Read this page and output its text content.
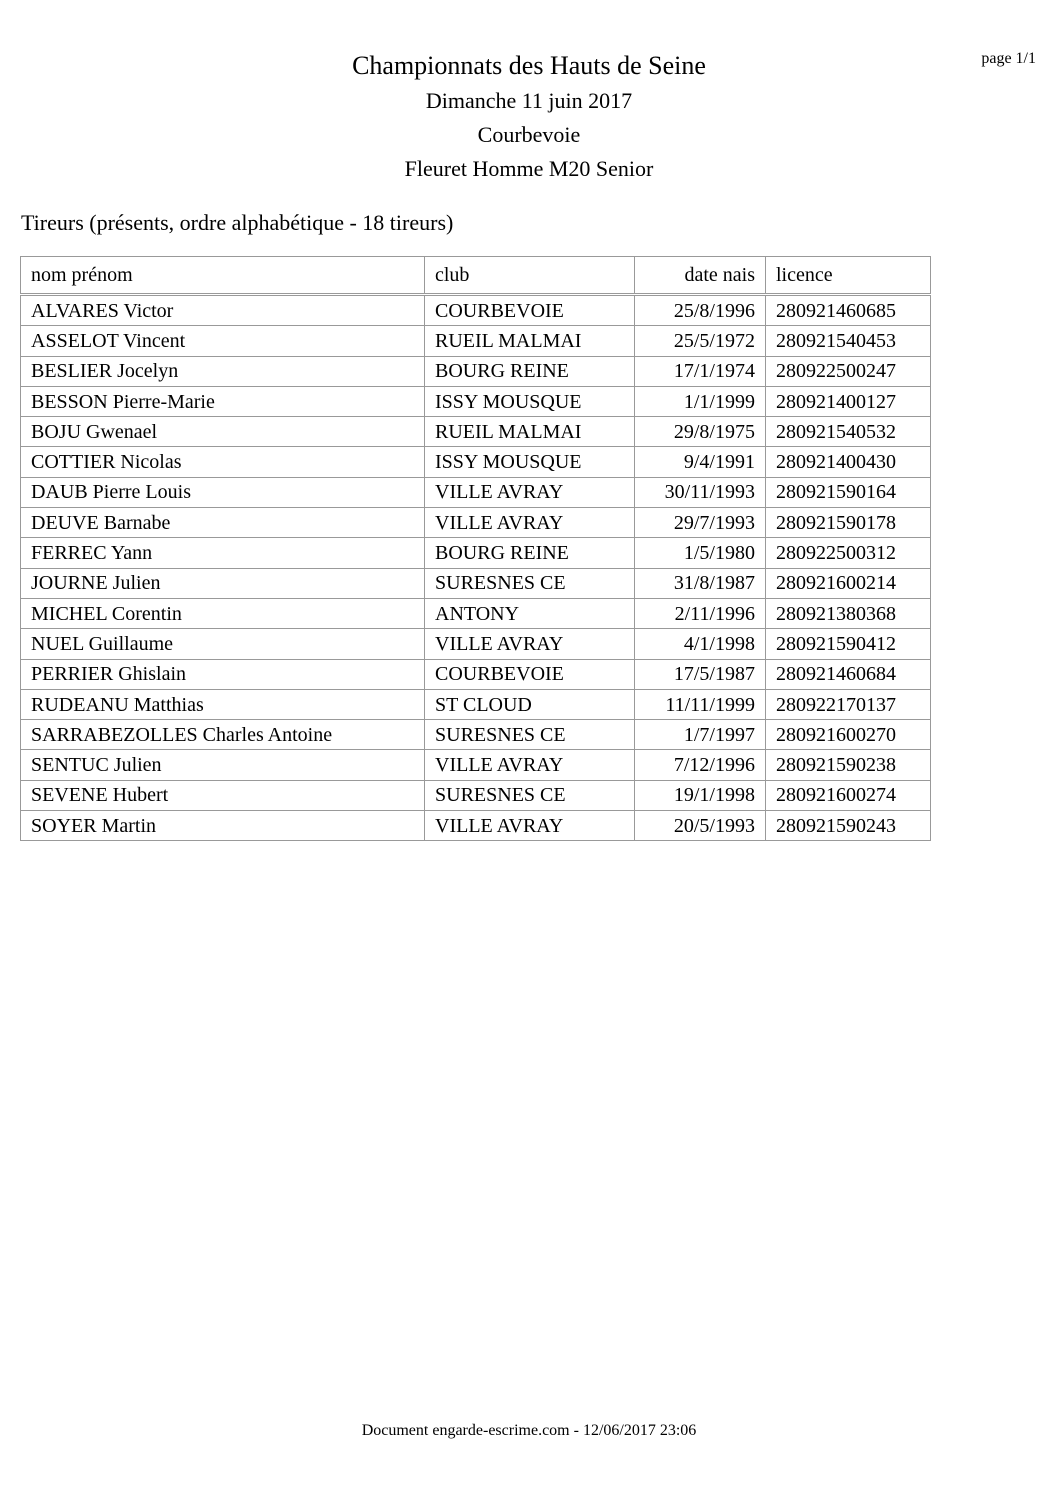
page 1/1
Championnats des Hauts de Seine
Dimanche 11 juin 2017
Courbevoie
Fleuret Homme M20 Senior
Tireurs (présents, ordre alphabétique - 18 tireurs)
nom prénom	club	date nais	licence
ALVARES Victor	COURBEVOIE	25/8/1996	280921460685
ASSELOT Vincent	RUEIL MALMAI	25/5/1972	280921540453
BESLIER Jocelyn	BOURG REINE	17/1/1974	280922500247
BESSON Pierre-Marie	ISSY MOUSQUE	1/1/1999	280921400127
BOJU Gwenael	RUEIL MALMAI	29/8/1975	280921540532
COTTIER Nicolas	ISSY MOUSQUE	9/4/1991	280921400430
DAUB Pierre Louis	VILLE AVRAY	30/11/1993	280921590164
DEUVE Barnabe	VILLE AVRAY	29/7/1993	280921590178
FERREC Yann	BOURG REINE	1/5/1980	280922500312
JOURNE Julien	SURESNES CE	31/8/1987	280921600214
MICHEL Corentin	ANTONY	2/11/1996	280921380368
NUEL Guillaume	VILLE AVRAY	4/1/1998	280921590412
PERRIER Ghislain	COURBEVOIE	17/5/1987	280921460684
RUDEANU Matthias	ST CLOUD	11/11/1999	280922170137
SARRABEZOLLES Charles Antoine	SURESNES CE	1/7/1997	280921600270
SENTUC Julien	VILLE AVRAY	7/12/1996	280921590238
SEVENE Hubert	SURESNES CE	19/1/1998	280921600274
SOYER Martin	VILLE AVRAY	20/5/1993	280921590243
Document engarde-escrime.com - 12/06/2017 23:06
